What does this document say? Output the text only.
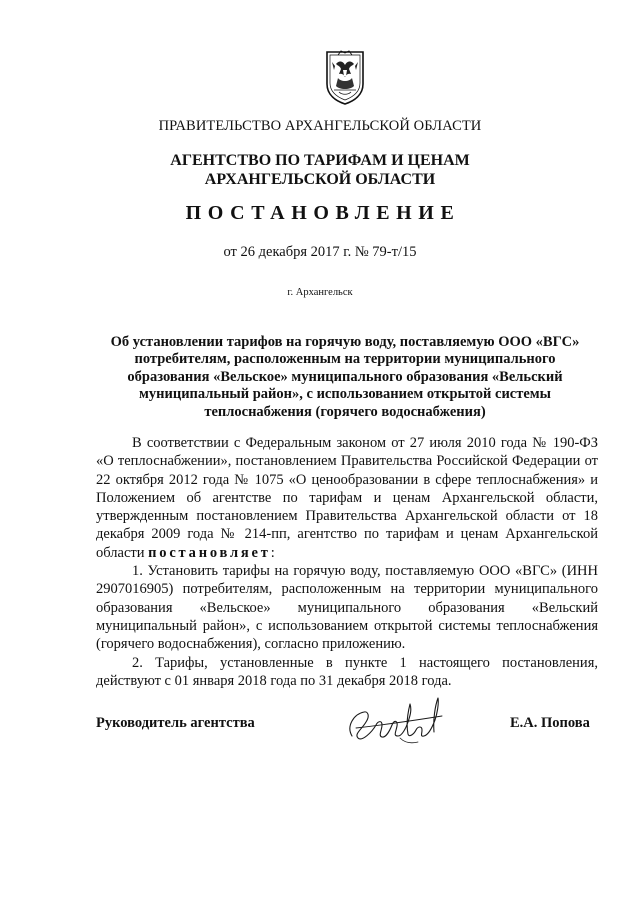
ПРАВИТЕЛЬСТВО АРХАНГЕЛЬСКОЙ ОБЛАСТИ
АГЕНТСТВО ПО ТАРИФАМ И ЦЕНАМ
АРХАНГЕЛЬСКОЙ ОБЛАСТИ
ПОСТАНОВЛЕНИЕ
от 26 декабря 2017 г. № 79-т/15
г. Архангельск
Об установлении тарифов на горячую воду, поставляемую ООО «ВГС» потребителям, расположенным на территории муниципального образования «Вельское» муниципального образования «Вельский муниципальный район», с использованием открытой системы теплоснабжения (горячего водоснабжения)

В соответствии с Федеральным законом от 27 июля 2010 года № 190-ФЗ «О теплоснабжении», постановлением Правительства Российской Федерации от 22 октября 2012 года № 1075 «О ценообразовании в сфере теплоснабжения» и Положением об агентстве по тарифам и ценам Архангельской области, утвержденным постановлением Правительства Архангельской области от 18 декабря 2009 года № 214-пп, агентство по тарифам и ценам Архангельской области постановляет:

1. Установить тарифы на горячую воду, поставляемую ООО «ВГС» (ИНН 2907016905) потребителям, расположенным на территории муниципального образования «Вельское» муниципального образования «Вельский муниципальный район», с использованием открытой системы теплоснабжения (горячего водоснабжения), согласно приложению.

2. Тарифы, установленные в пункте 1 настоящего постановления, действуют с 01 января 2018 года по 31 декабря 2018 года.

Руководитель агентства	Е.А. Попова
